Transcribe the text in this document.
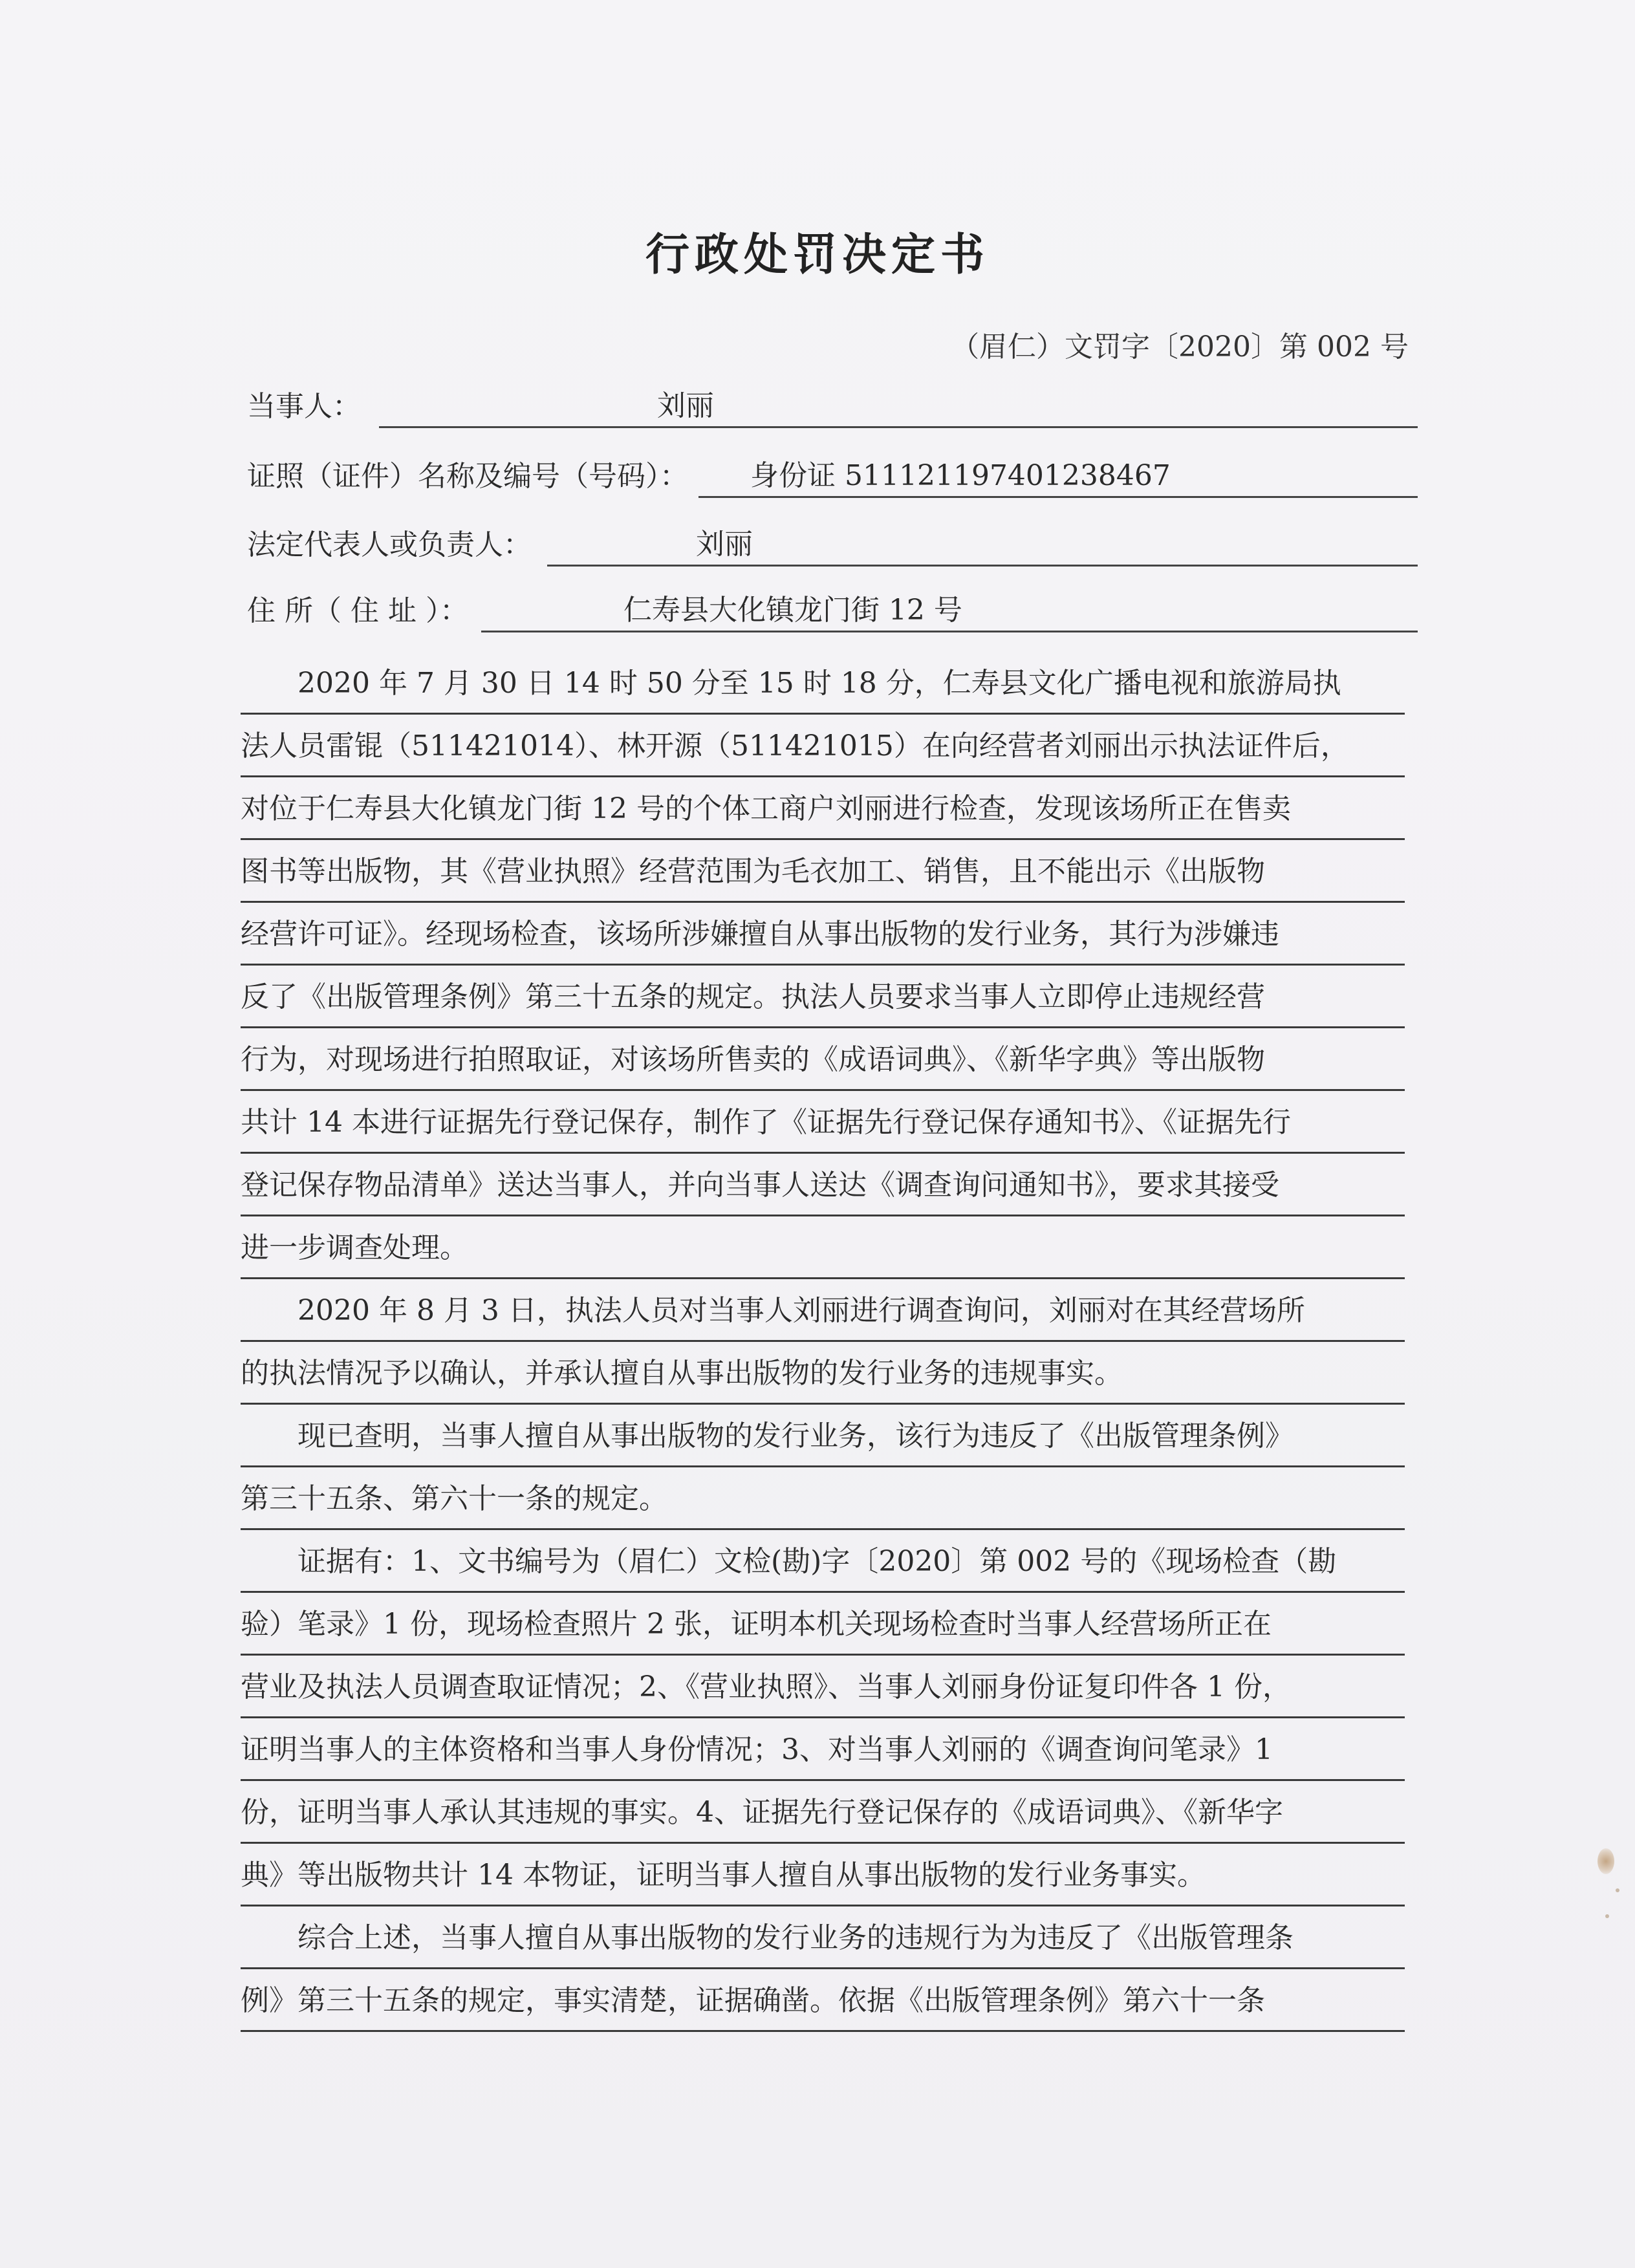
行政处罚决定书
（眉仁）文罚字〔2020〕第 002 号
当事人：	刘丽
证照（证件）名称及编号（号码）：	身份证 511121197401238467
法定代表人或负责人：	刘丽
住 所（ 住 址 ）：	仁寿县大化镇龙门街 12 号
2020 年 7 月 30 日 14 时 50 分至 15 时 18 分，仁寿县文化广播电视和旅游局执
法人员雷锟（511421014）、林开源（511421015）在向经营者刘丽出示执法证件后，
对位于仁寿县大化镇龙门街 12 号的个体工商户刘丽进行检查，发现该场所正在售卖
图书等出版物，其《营业执照》经营范围为毛衣加工、销售，且不能出示《出版物
经营许可证》。经现场检查，该场所涉嫌擅自从事出版物的发行业务，其行为涉嫌违
反了《出版管理条例》第三十五条的规定。执法人员要求当事人立即停止违规经营
行为，对现场进行拍照取证，对该场所售卖的《成语词典》、《新华字典》等出版物
共计 14 本进行证据先行登记保存，制作了《证据先行登记保存通知书》、《证据先行
登记保存物品清单》送达当事人，并向当事人送达《调查询问通知书》，要求其接受
进一步调查处理。
2020 年 8 月 3 日，执法人员对当事人刘丽进行调查询问，刘丽对在其经营场所
的执法情况予以确认，并承认擅自从事出版物的发行业务的违规事实。
现已查明，当事人擅自从事出版物的发行业务，该行为违反了《出版管理条例》
第三十五条、第六十一条的规定。
证据有：1、文书编号为（眉仁）文检(勘)字〔2020〕第 002 号的《现场检查（勘
验）笔录》1 份，现场检查照片 2 张，证明本机关现场检查时当事人经营场所正在
营业及执法人员调查取证情况；2、《营业执照》、当事人刘丽身份证复印件各 1 份，
证明当事人的主体资格和当事人身份情况；3、对当事人刘丽的《调查询问笔录》1
份，证明当事人承认其违规的事实。4、证据先行登记保存的《成语词典》、《新华字
典》等出版物共计 14 本物证，证明当事人擅自从事出版物的发行业务事实。
综合上述，当事人擅自从事出版物的发行业务的违规行为为违反了《出版管理条
例》第三十五条的规定，事实清楚，证据确凿。依据《出版管理条例》第六十一条
